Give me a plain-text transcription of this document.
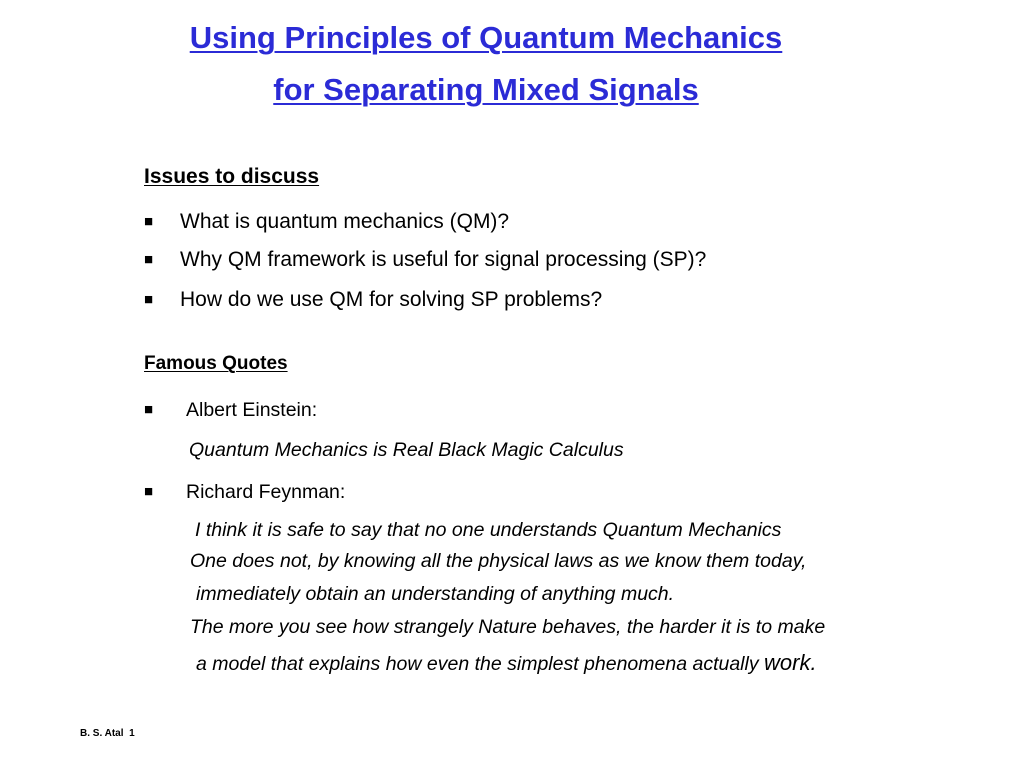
Using Principles of Quantum Mechanics
for Separating Mixed Signals
Issues to discuss
■ What is quantum mechanics (QM)?
■ Why QM framework is useful for signal processing (SP)?
■ How do we use QM for solving SP problems?
Famous Quotes
■ Albert Einstein:
Quantum Mechanics is Real Black Magic Calculus
■ Richard Feynman:
I think it is safe to say that no one understands Quantum Mechanics
One does not, by knowing all the physical laws as we know them today,
immediately obtain an understanding of anything much.
The more you see how strangely Nature behaves, the harder it is to make
a model that explains how even the simplest phenomena actually work.
B. S. Atal 1
